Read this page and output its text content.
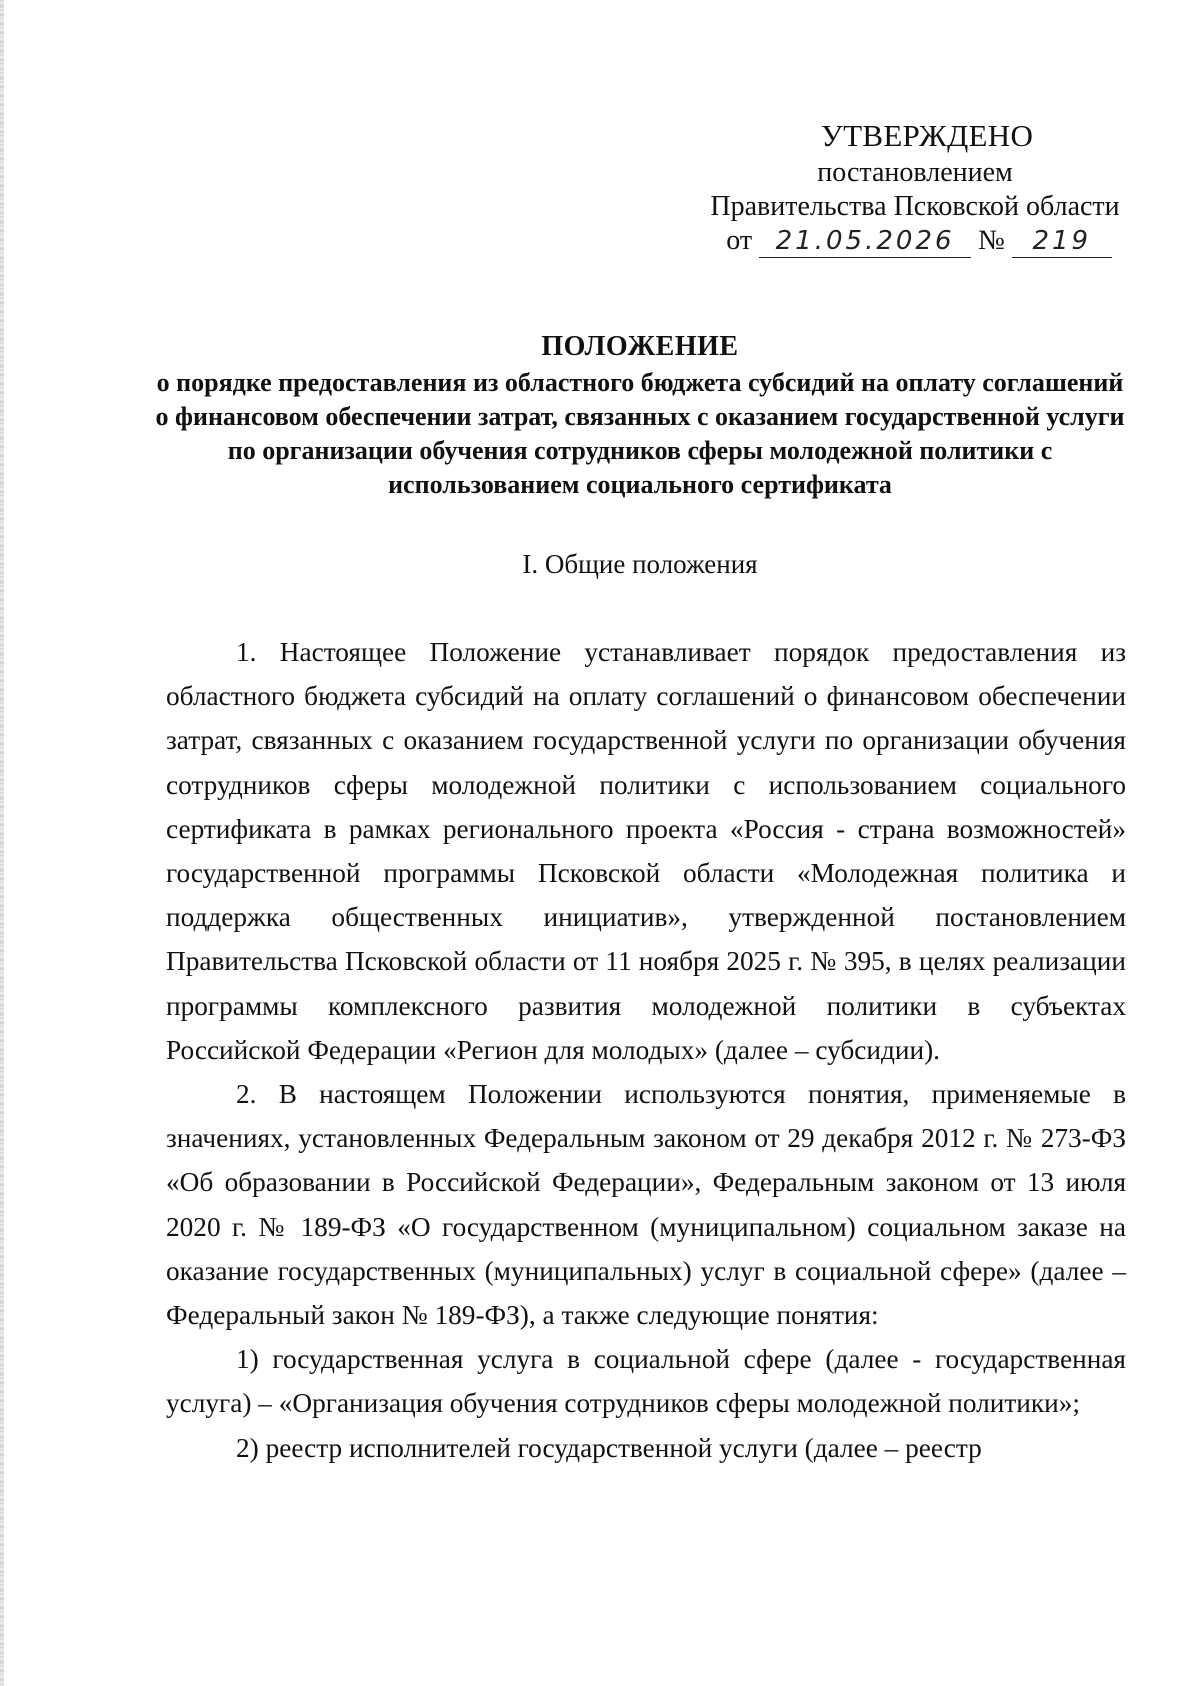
УТВЕРЖДЕНО
постановлением
Правительства Псковской области
от 21.05.2026 № 219
ПОЛОЖЕНИЕ
о порядке предоставления из областного бюджета субсидий на оплату соглашений о финансовом обеспечении затрат, связанных с оказанием государственной услуги по организации обучения сотрудников сферы молодежной политики с использованием социального сертификата
I. Общие положения

1. Настоящее Положение устанавливает порядок предоставления из областного бюджета субсидий на оплату соглашений о финансовом обеспечении затрат, связанных с оказанием государственной услуги по организации обучения сотрудников сферы молодежной политики с использованием социального сертификата в рамках регионального проекта «Россия - страна возможностей» государственной программы Псковской области «Молодежная политика и поддержка общественных инициатив», утвержденной постановлением Правительства Псковской области от 11 ноября 2025 г. № 395, в целях реализации программы комплексного развития молодежной политики в субъектах Российской Федерации «Регион для молодых» (далее – субсидии).

2. В настоящем Положении используются понятия, применяемые в значениях, установленных Федеральным законом от 29 декабря 2012 г. № 273-ФЗ «Об образовании в Российской Федерации», Федеральным законом от 13 июля 2020 г. № 189-ФЗ «О государственном (муниципальном) социальном заказе на оказание государственных (муниципальных) услуг в социальной сфере» (далее – Федеральный закон № 189-ФЗ), а также следующие понятия:

1) государственная услуга в социальной сфере (далее - государственная услуга) – «Организация обучения сотрудников сферы молодежной политики»;

2) реестр исполнителей государственной услуги (далее – реестр
